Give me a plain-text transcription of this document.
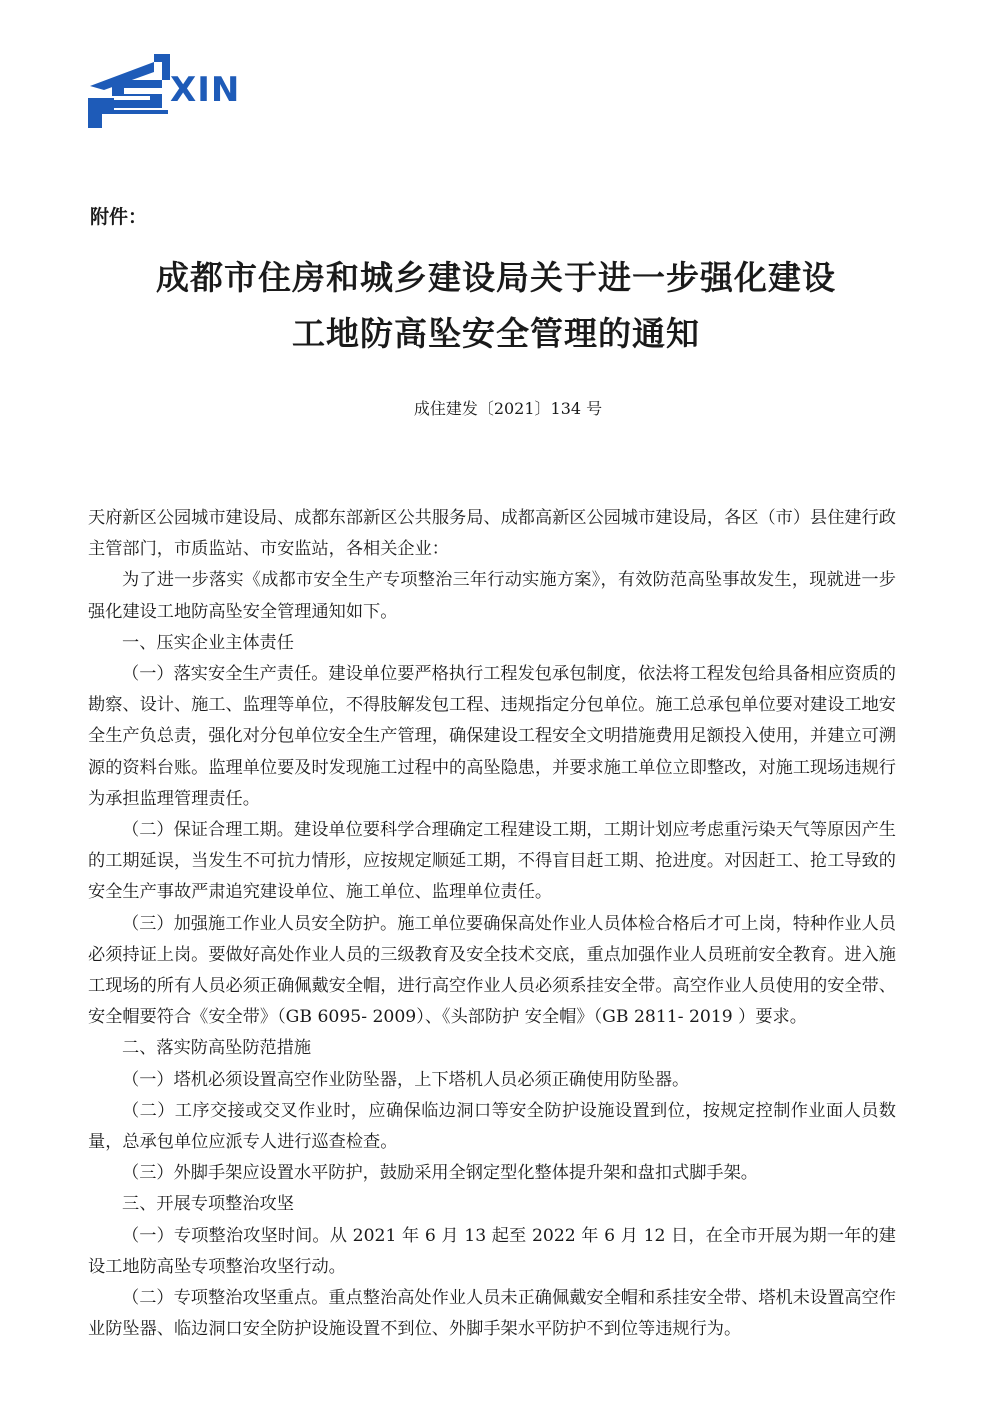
XIN
附件：
成都市住房和城乡建设局关于进一步强化建设
工地防高坠安全管理的通知
成住建发〔2021〕134 号

天府新区公园城市建设局、成都东部新区公共服务局、成都高新区公园城市建设局，各区（市）县住建行政主管部门，市质监站、市安监站，各相关企业：

为了进一步落实《成都市安全生产专项整治三年行动实施方案》，有效防范高坠事故发生，现就进一步强化建设工地防高坠安全管理通知如下。

一、压实企业主体责任

（一）落实安全生产责任。建设单位要严格执行工程发包承包制度，依法将工程发包给具备相应资质的勘察、设计、施工、监理等单位，不得肢解发包工程、违规指定分包单位。施工总承包单位要对建设工地安全生产负总责，强化对分包单位安全生产管理，确保建设工程安全文明措施费用足额投入使用，并建立可溯源的资料台账。监理单位要及时发现施工过程中的高坠隐患，并要求施工单位立即整改，对施工现场违规行为承担监理管理责任。

（二）保证合理工期。建设单位要科学合理确定工程建设工期，工期计划应考虑重污染天气等原因产生的工期延误，当发生不可抗力情形，应按规定顺延工期，不得盲目赶工期、抢进度。对因赶工、抢工导致的安全生产事故严肃追究建设单位、施工单位、监理单位责任。

（三）加强施工作业人员安全防护。施工单位要确保高处作业人员体检合格后才可上岗，特种作业人员必须持证上岗。要做好高处作业人员的三级教育及安全技术交底，重点加强作业人员班前安全教育。进入施工现场的所有人员必须正确佩戴安全帽，进行高空作业人员必须系挂安全带。高空作业人员使用的安全带、安全帽要符合《安全带》（GB 6095- 2009）、《头部防护 安全帽》（GB 2811- 2019 ）要求。

二、落实防高坠防范措施

（一）塔机必须设置高空作业防坠器，上下塔机人员必须正确使用防坠器。

（二）工序交接或交叉作业时，应确保临边洞口等安全防护设施设置到位，按规定控制作业面人员数量，总承包单位应派专人进行巡查检查。

（三）外脚手架应设置水平防护，鼓励采用全钢定型化整体提升架和盘扣式脚手架。

三、开展专项整治攻坚

（一）专项整治攻坚时间。从 2021 年 6 月 13 起至 2022 年 6 月 12 日，在全市开展为期一年的建设工地防高坠专项整治攻坚行动。

（二）专项整治攻坚重点。重点整治高处作业人员未正确佩戴安全帽和系挂安全带、塔机未设置高空作业防坠器、临边洞口安全防护设施设置不到位、外脚手架水平防护不到位等违规行为。
